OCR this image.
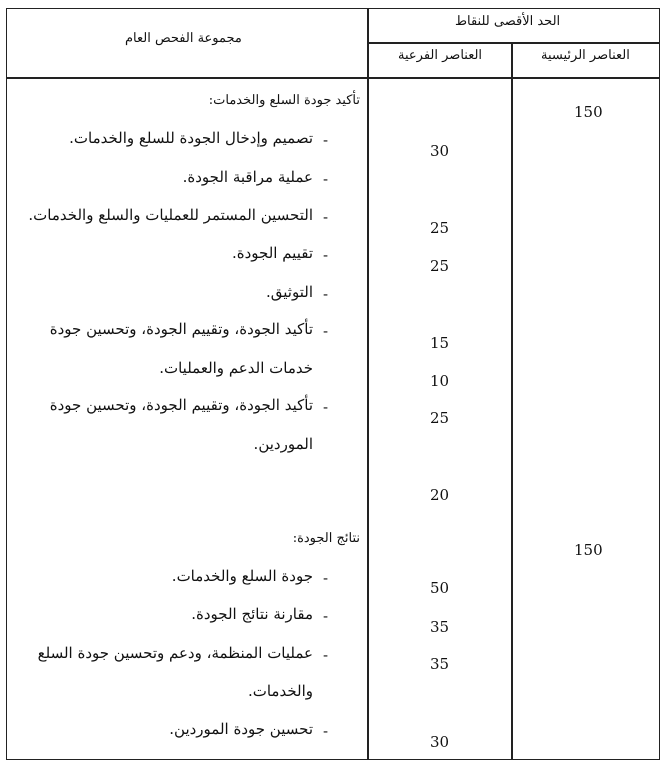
الحد الأقصى للنقاط
العناصر الرئيسية
العناصر الفرعية
مجموعة الفحص العام
تأكيد جودة السلع والخدمات:
150
-
تصميم وإدخال الجودة للسلع والخدمات.
-
عملية مراقبة الجودة.
-
التحسين المستمر للعمليات والسلع والخدمات.
-
تقييم الجودة.
-
التوثيق.
-
تأكيد الجودة، وتقييم الجودة، وتحسين جودة
خدمات الدعم والعمليات.
-
تأكيد الجودة، وتقييم الجودة، وتحسين جودة
الموردين.
30
25
25
15
10
25
20
نتائج الجودة:
150
-
جودة السلع والخدمات.
-
مقارنة نتائج الجودة.
-
عمليات المنظمة، ودعم وتحسين جودة السلع
والخدمات.
-
تحسين جودة الموردين.
50
35
35
30
